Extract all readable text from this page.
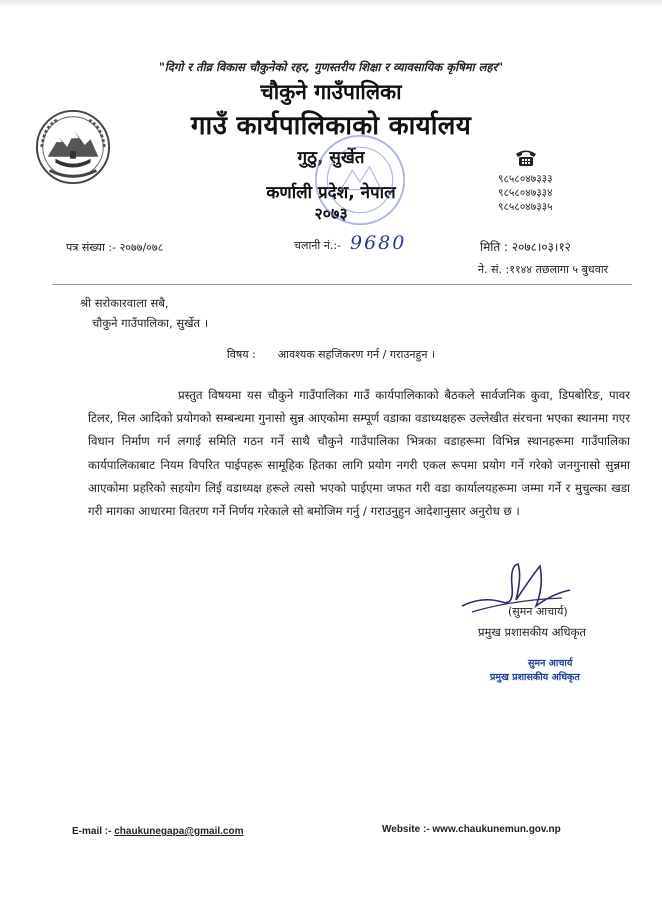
"दिगो र तीव्र विकास चौकुनेको रहर, गुणस्तरीय शिक्षा र व्यावसायिक कृषिमा लहर"
चौकुने गाउँपालिका
गाउँ कार्यपालिकाको कार्यालय
गुठु, सुर्खेत
कर्णाली प्रदेश, नेपाल
२०७३
९८५८०४७३३३
९८५८०४७३३४
९८५८०४७३३५
पत्र संख्या :- २०७७/०७८	चलानी नं.:- 9680	मिति : २०७८।०३।१२
ने. सं. :११४४ तछलागा ५ बुधवार
श्री सरोकारवाला सबै,
चौकुने गाउँपालिका, सुर्खेत ।
विषय : आवश्यक सहजिकरण गर्न / गराउनहुन ।
प्रस्तुत विषयमा यस चौकुने गाउँपालिका गाउँ कार्यपालिकाको बैठकले सार्वजनिक कुवा, डिपबोरिङ, पावर टिलर, मिल आदिको प्रयोगको सम्बन्धमा गुनासो सुन्न आएकोमा सम्पूर्ण वडाका वडाध्यक्षहरू उल्लेखीत संरचना भएका स्थानमा गएर विधान निर्माण गर्न लगाई समिति गठन गर्ने साथै चौकुने गाउँपालिका भित्रका वडाहरूमा विभिन्न स्थानहरूमा गाउँपालिका कार्यपालिकाबाट नियम विपरित पाईपहरू सामूहिक हितका लागि प्रयोग नगरी एकल रूपमा प्रयोग गर्ने गरेको जनगुनासो सुन्नमा आएकोमा प्रहरिको सहयोग लिई वडाध्यक्ष हरूले त्यसो भएको पाईएमा जफत गरी वडा कार्यालयहरूमा जम्मा गर्ने र मुचुल्का खडा गरी मागका आधारमा वितरण गर्ने निर्णय गरेकाले सो बमोजिम गर्नु / गराउनुहुन आदेशानुसार अनुरोध छ ।
(सुमन आचार्य)
प्रमुख प्रशासकीय अधिकृत
सुमन आचार्य
प्रमुख प्रशासकीय अधिकृत
E-mail :- chaukunegapa@gmail.com	Website :- www.chaukunemun.gov.np
